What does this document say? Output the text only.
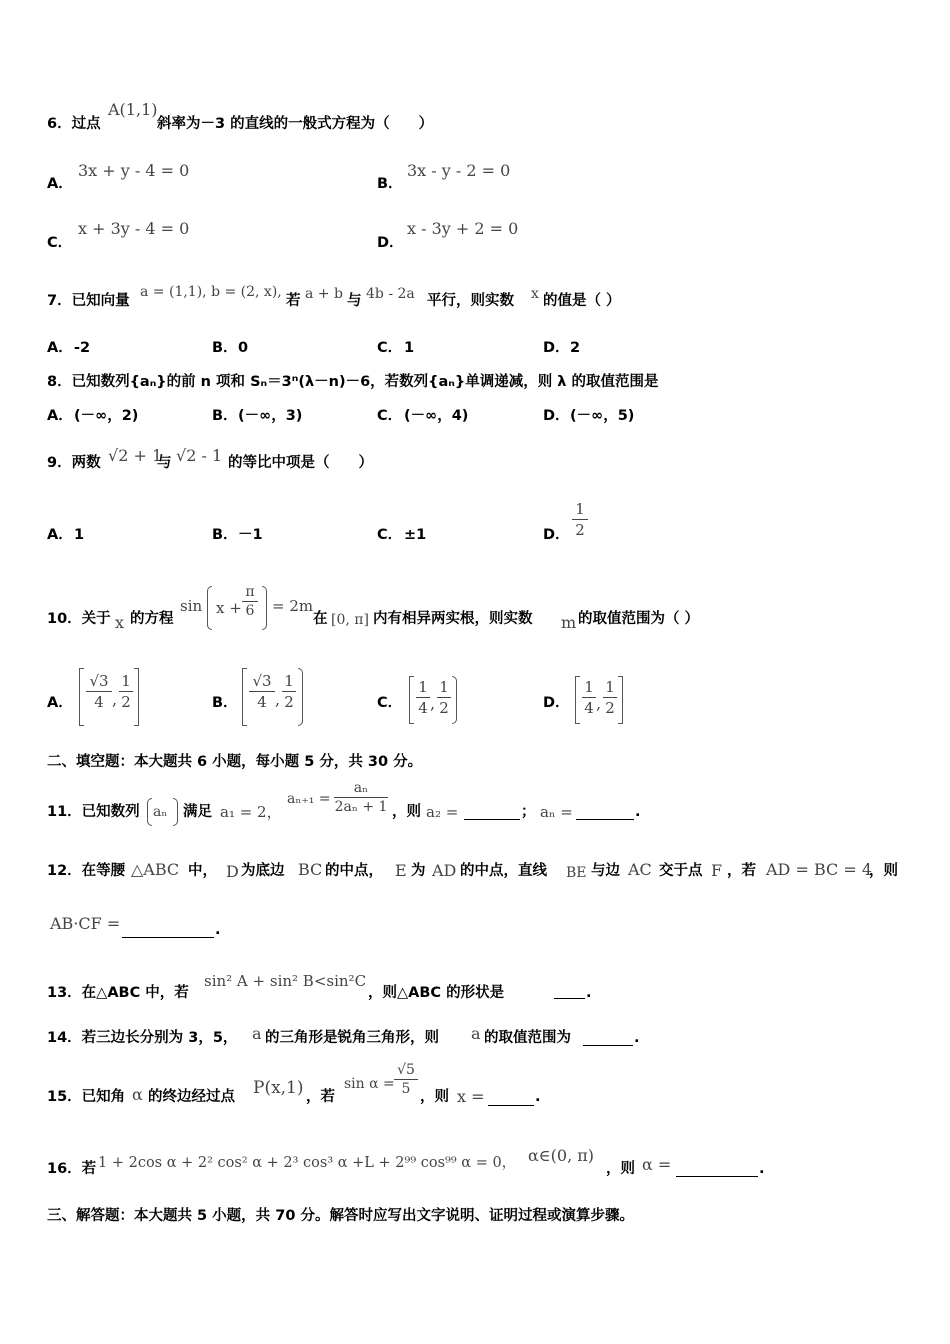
6．过点
A(1,1)
斜率为－3 的直线的一般式方程为（　　）
A．
3x + y - 4 = 0
B．
3x - y - 2 = 0
C．
x + 3y - 4 = 0
D．
x - 3y + 2 = 0
7．已知向量
a = (1,1), b = (2, x),
若 a + b 与 4b - 2a 平行，则实数 x 的值是（ ）
A． -2	B． 0	C． 1	D． 2
8．已知数列{aₙ}的前 n 项和 Sₙ＝3ⁿ(λ－n)－6，若数列{aₙ}单调递减，则 λ 的取值范围是
A． (－∞，2)	B． (－∞，3)	C． (－∞，4)	D． (－∞，5)
9．两数 √2 + 1
与 √2 - 1 的等比中项是（　　）
A． 1	B． －1	C． ±1	D．
1
2
10．关于 x 的方程
sin x +
π
6 = 2m
在 [0, π] 内有相异两实根，则实数 m 的取值范围为（ ）
A．
√3
4 ,
1
2	B．
√3
4 ,
1
2	C．
1
4 ,
1
2	D．
1
4 ,
1
2
二、填空题：本大题共 6 小题，每小题 5 分，共 30 分。
11．已知数列 aₙ 满足 a₁ = 2，
aₙ₊₁ =
aₙ
2aₙ + 1 ，则 a₂ =	； aₙ =	.
12．在等腰 △ABC 中， D 为底边 BC 的中点， E 为 AD 的中点，直线 BE 与边 AC 交于点 F ，若 AD = BC = 4
，则
AB·CF =	.
13．在△ABC 中，若
sin² A + sin² B<sin²C
，则△ABC 的形状是	.
14．若三边长分别为 3，5， a 的三角形是锐角三角形，则 a 的取值范围为	.
15．已知角 α 的终边经过点 P(x,1) ，若
sin α =
√5
5 ，则 x =	.
16．若 1 + 2cos α + 2² cos² α + 2³ cos³ α +L + 2⁹⁹ cos⁹⁹ α = 0， α∈(0, π)
，则 α =	.
三、解答题：本大题共 5 小题，共 70 分。解答时应写出文字说明、证明过程或演算步骤。
